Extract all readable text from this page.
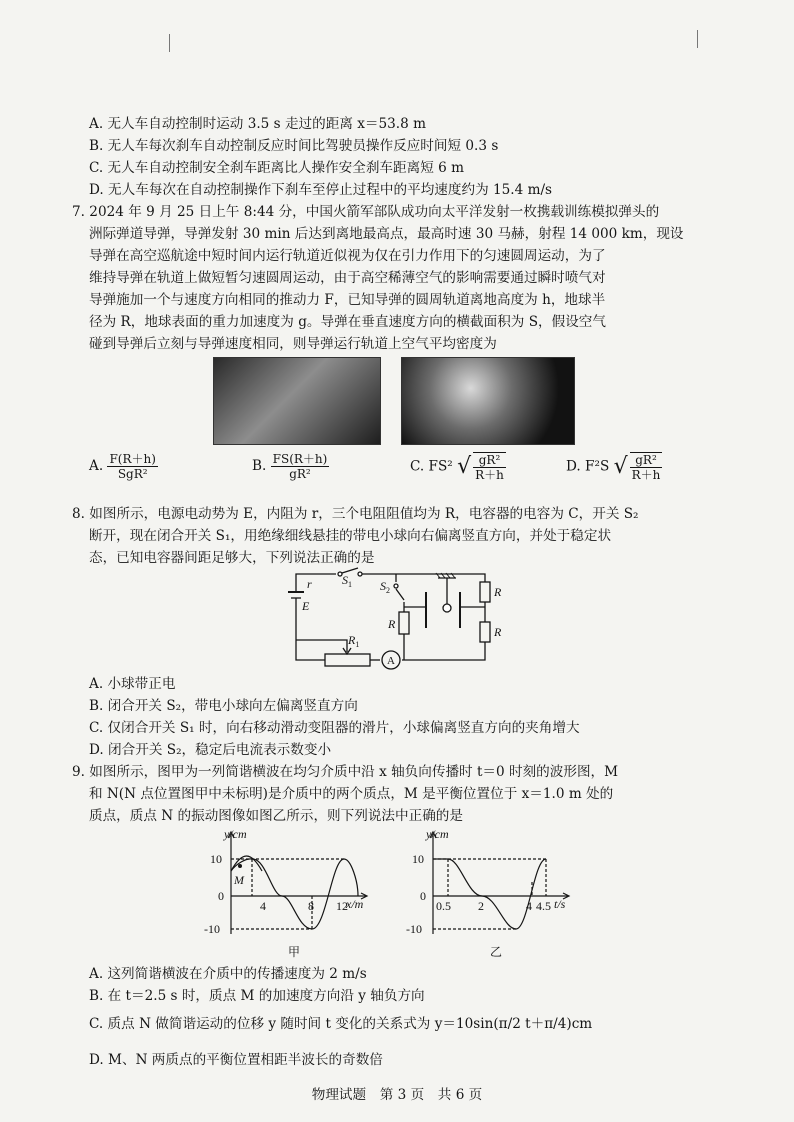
A. 无人车自动控制时运动 3.5 s 走过的距离 x＝53.8 m
B. 无人车每次刹车自动控制反应时间比驾驶员操作反应时间短 0.3 s
C. 无人车自动控制安全刹车距离比人操作安全刹车距离短 6 m
D. 无人车每次在自动控制操作下刹车至停止过程中的平均速度约为 15.4 m/s
7. 2024 年 9 月 25 日上午 8:44 分，中国火箭军部队成功向太平洋发射一枚携载训练模拟弹头的
洲际弹道导弹，导弹发射 30 min 后达到离地最高点，最高时速 30 马赫，射程 14 000 km，现设
导弹在高空巡航途中短时间内运行轨道近似视为仅在引力作用下的匀速圆周运动，为了
维持导弹在轨道上做短暂匀速圆周运动，由于高空稀薄空气的影响需要通过瞬时喷气对
导弹施加一个与速度方向相同的推动力 F，已知导弹的圆周轨道离地高度为 h，地球半
径为 R，地球表面的重力加速度为 g。导弹在垂直速度方向的横截面积为 S，假设空气
碰到导弹后立刻与导弹速度相同，则导弹运行轨道上空气平均密度为
A. $\frac{F(R+h)}{\text{SgR²}}$	B. $\frac{FS(R+h)}{\text{gR²}}$	C. FS² √ $\frac{\text{gR²}}{R+h}$	D. F²S √ $\frac{\text{gR²}}{R+h}$
8. 如图所示，电源电动势为 E，内阻为 r，三个电阻阻值均为 R，电容器的电容为 C，开关 S₂
断开，现在闭合开关 S₁，用绝缘细线悬挂的带电小球向右偏离竖直方向，并处于稳定状
态，已知电容器间距足够大，下列说法正确的是
r
E
$S_1$ $S_2$	R
R
R
$R_1$
A
A. 小球带正电
B. 闭合开关 S₂，带电小球向左偏离竖直方向
C. 仅闭合开关 S₁ 时，向右移动滑动变阻器的滑片，小球偏离竖直方向的夹角增大
D. 闭合开关 S₂，稳定后电流表示数变小
9. 如图所示，图甲为一列简谐横波在均匀介质中沿 x 轴负向传播时 t＝0 时刻的波形图，M
和 N(N 点位置图甲中未标明)是介质中的两个质点，M 是平衡位置位于 x＝1.0 m 处的
质点，质点 N 的振动图像如图乙所示，则下列说法中正确的是
y/cm
x/m
10
0
-10
4	8 12
M
甲
y/cm
t/s
10
0
-10
0.5 2	4 4.5
乙
A. 这列简谐横波在介质中的传播速度为 2 m/s
B. 在 t＝2.5 s 时，质点 M 的加速度方向沿 y 轴负方向
C. 质点 N 做简谐运动的位移 y 随时间 t 变化的关系式为 y＝10sin(π/2 t＋π/4)cm
D. M、N 两质点的平衡位置相距半波长的奇数倍
物理试题　第 3 页　共 6 页
